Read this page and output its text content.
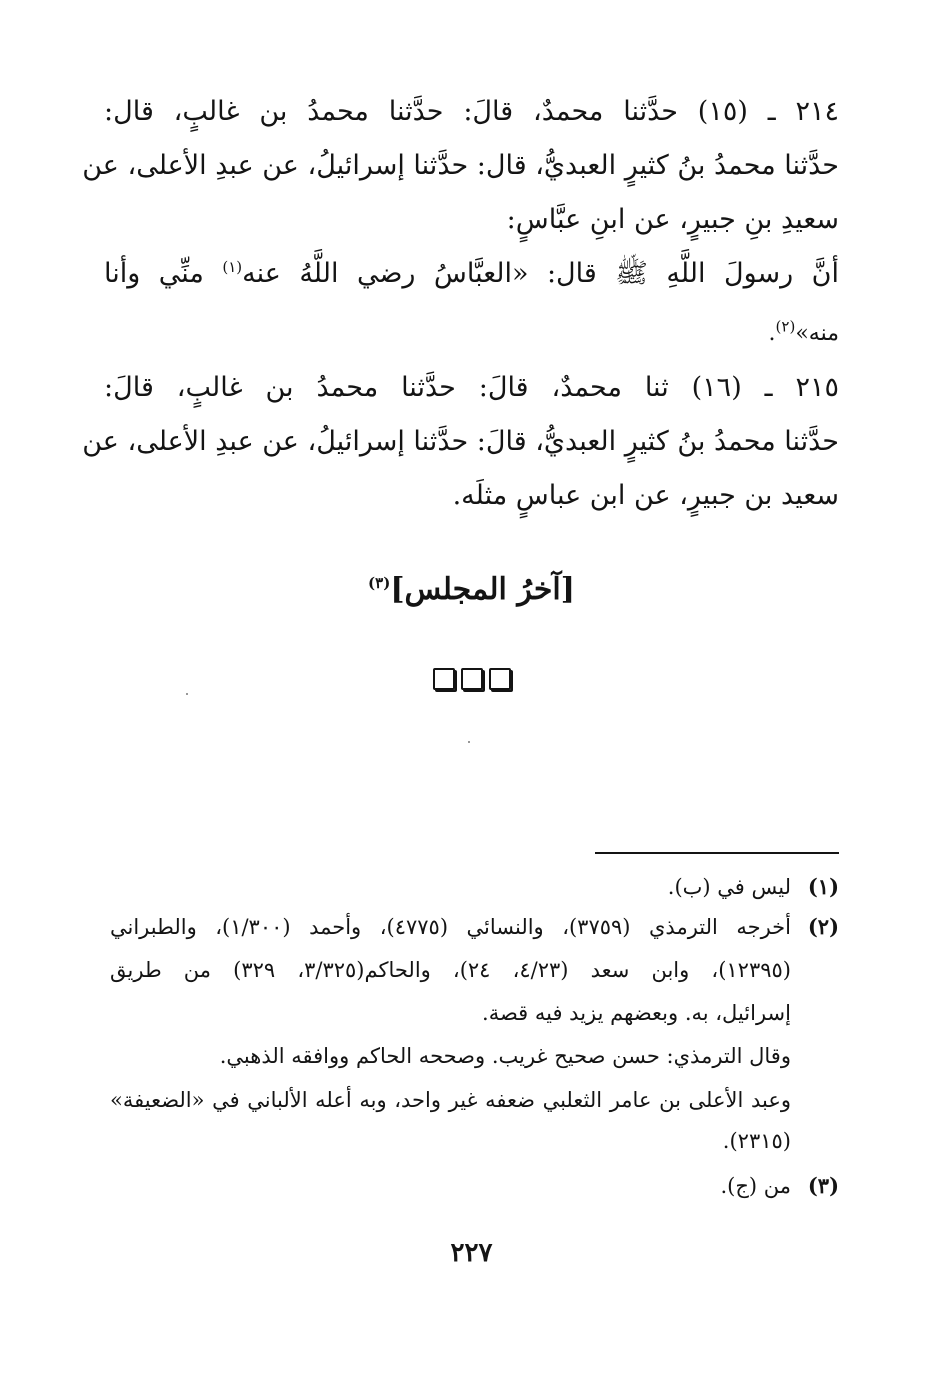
٢١٤ ـ (١٥) حدَّثنا محمدٌ، قالَ: حدَّثنا محمدُ بن غالبٍ، قال:
حدَّثنا محمدُ بنُ كثيرٍ العبديُّ، قال: حدَّثنا إسرائيلُ، عن عبدِ الأعلى، عن
سعيدِ بنِ جبيرٍ، عن ابنِ عبَّاسٍ:
أنَّ رسولَ اللَّهِ ﷺ قال: «العبَّاسُ رضي اللَّهُ عنه$^{(١)}$ منِّي وأنا
منه»$^{(٢)}$.
٢١٥ ـ (١٦) ثنا محمدٌ، قالَ: حدَّثنا محمدُ بن غالبٍ، قالَ:
حدَّثنا محمدُ بنُ كثيرٍ العبديُّ، قالَ: حدَّثنا إسرائيلُ، عن عبدِ الأعلى، عن
سعيد بن جبيرٍ، عن ابن عباسٍ مثلَه.
[آخرُ المجلس]$^{(٣)}$
(١)
ليس في (ب).
(٢)
أخرجه الترمذي (٣٧٥٩)، والنسائي (٤٧٧٥)، وأحمد (١/٣٠٠)، والطبراني
(١٢٣٩٥)، وابن سعد (٤/٢٣، ٢٤)، والحاكم(٣/٣٢٥، ٣٢٩) من طريق
إسرائيل، به. وبعضهم يزيد فيه قصة.
وقال الترمذي: حسن صحيح غريب. وصححه الحاكم ووافقه الذهبي.
وعبد الأعلى بن عامر الثعلبي ضعفه غير واحد، وبه أعله الألباني في «الضعيفة»
(٢٣١٥).
(٣)
من (ج).
٢٢٧
